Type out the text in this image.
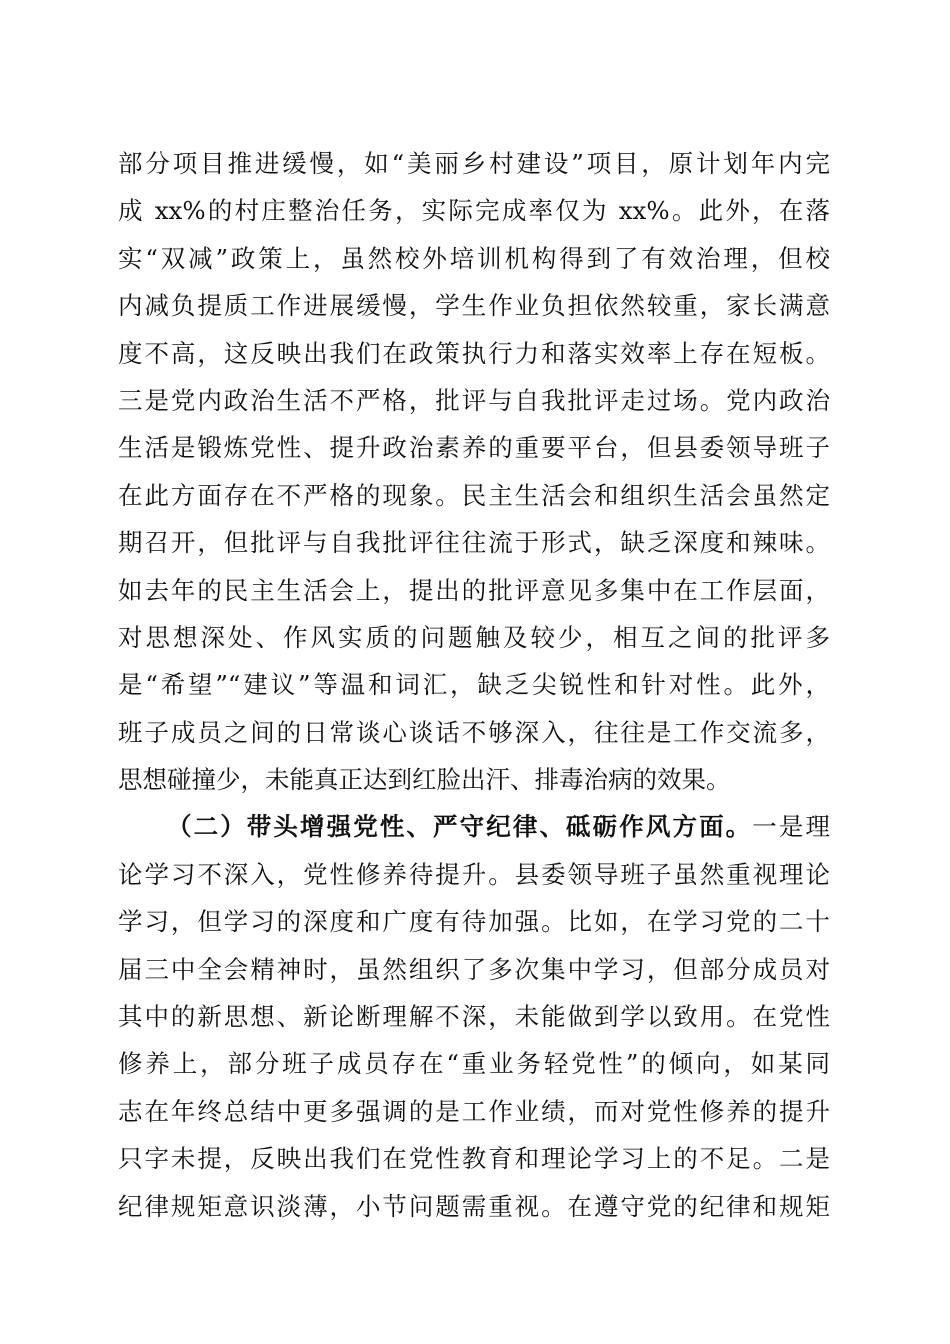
部分项目推进缓慢，如“美丽乡村建设”项目，原计划年内完
成 xx%的村庄整治任务，实际完成率仅为 xx%。此外，在落
实“双减”政策上，虽然校外培训机构得到了有效治理，但校
内减负提质工作进展缓慢，学生作业负担依然较重，家长满意
度不高，这反映出我们在政策执行力和落实效率上存在短板。
三是党内政治生活不严格，批评与自我批评走过场。党内政治
生活是锻炼党性、提升政治素养的重要平台，但县委领导班子
在此方面存在不严格的现象。民主生活会和组织生活会虽然定
期召开，但批评与自我批评往往流于形式，缺乏深度和辣味。
如去年的民主生活会上，提出的批评意见多集中在工作层面，
对思想深处、作风实质的问题触及较少，相互之间的批评多
是“希望”“建议”等温和词汇，缺乏尖锐性和针对性。此外，
班子成员之间的日常谈心谈话不够深入，往往是工作交流多，
思想碰撞少，未能真正达到红脸出汗、排毒治病的效果。
（二）带头增强党性、严守纪律、砥砺作风方面。一是理
论学习不深入，党性修养待提升。县委领导班子虽然重视理论
学习，但学习的深度和广度有待加强。比如，在学习党的二十
届三中全会精神时，虽然组织了多次集中学习，但部分成员对
其中的新思想、新论断理解不深，未能做到学以致用。在党性
修养上，部分班子成员存在“重业务轻党性”的倾向，如某同
志在年终总结中更多强调的是工作业绩，而对党性修养的提升
只字未提，反映出我们在党性教育和理论学习上的不足。二是
纪律规矩意识淡薄，小节问题需重视。在遵守党的纪律和规矩
